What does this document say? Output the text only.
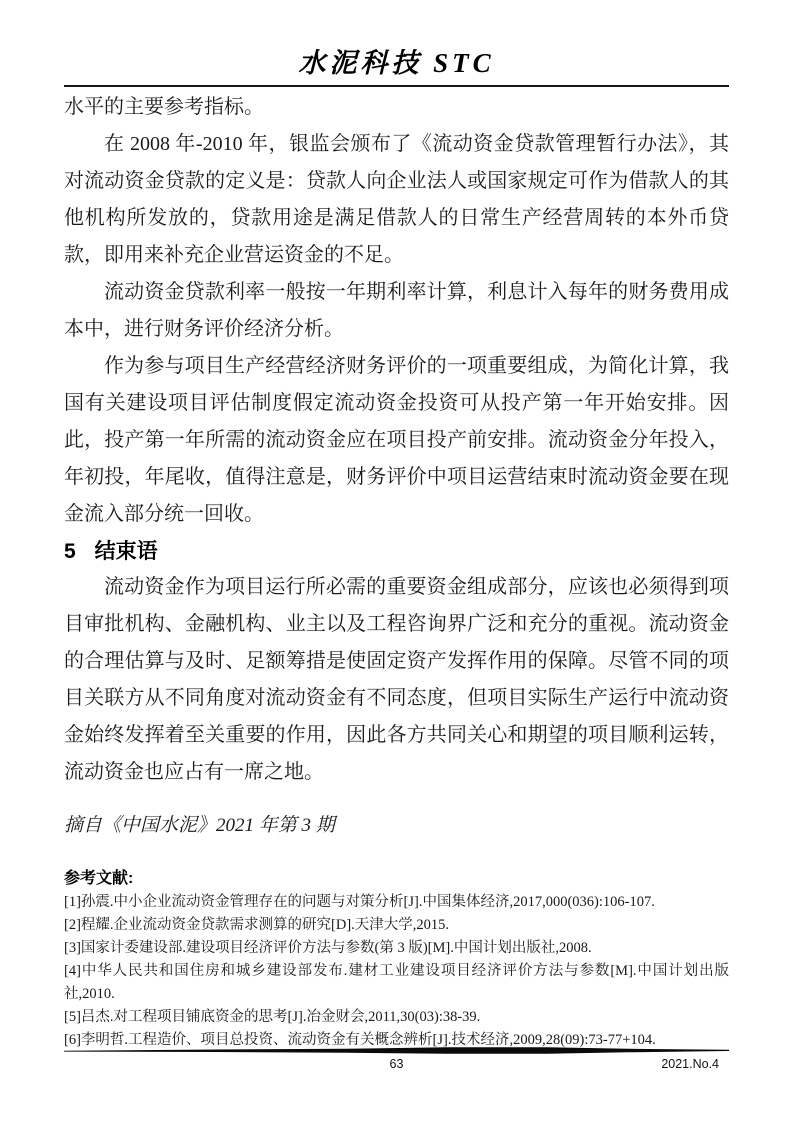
水泥科技 STC

水平的主要参考指标。

在 2008 年-2010 年，银监会颁布了《流动资金贷款管理暂行办法》，其对流动资金贷款的定义是：贷款人向企业法人或国家规定可作为借款人的其他机构所发放的，贷款用途是满足借款人的日常生产经营周转的本外币贷款，即用来补充企业营运资金的不足。

流动资金贷款利率一般按一年期利率计算，利息计入每年的财务费用成本中，进行财务评价经济分析。

作为参与项目生产经营经济财务评价的一项重要组成，为简化计算，我国有关建设项目评估制度假定流动资金投资可从投产第一年开始安排。因此，投产第一年所需的流动资金应在项目投产前安排。流动资金分年投入，年初投，年尾收，值得注意是，财务评价中项目运营结束时流动资金要在现金流入部分统一回收。

5 结束语

流动资金作为项目运行所必需的重要资金组成部分，应该也必须得到项目审批机构、金融机构、业主以及工程咨询界广泛和充分的重视。流动资金的合理估算与及时、足额筹措是使固定资产发挥作用的保障。尽管不同的项目关联方从不同角度对流动资金有不同态度，但项目实际生产运行中流动资金始终发挥着至关重要的作用，因此各方共同关心和期望的项目顺利运转，流动资金也应占有一席之地。

摘自《中国水泥》2021 年第 3 期

参考文献:
[1]孙震.中小企业流动资金管理存在的问题与对策分析[J].中国集体经济,2017,000(036):106-107.
[2]程耀.企业流动资金贷款需求测算的研究[D].天津大学,2015.
[3]国家计委建设部.建设项目经济评价方法与参数(第 3 版)[M].中国计划出版社,2008.
[4]中华人民共和国住房和城乡建设部发布.建材工业建设项目经济评价方法与参数[M].中国计划出版社,2010.
[5]吕杰.对工程项目铺底资金的思考[J].冶金财会,2011,30(03):38-39.
[6]李明哲.工程造价、项目总投资、流动资金有关概念辨析[J].技术经济,2009,28(09):73-77+104.
63	2021.No.4
